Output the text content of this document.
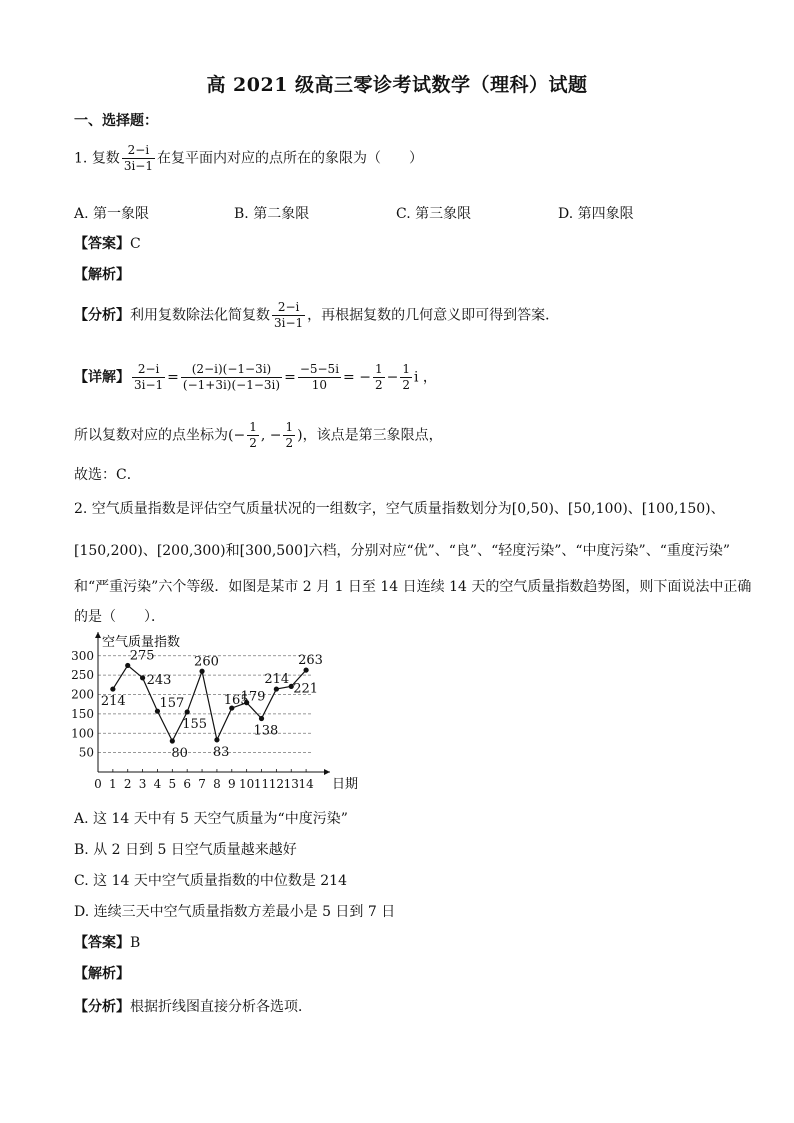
高 2021 级高三零诊考试数学（理科）试题
一、选择题：
1. 复数 $\frac{2-i}{3i-1}$ 在复平面内对应的点所在的象限为（　　）
A. 第一象限	B. 第二象限	C. 第三象限	D. 第四象限
【答案】C
【解析】
【分析】利用复数除法化简复数 $\frac{2-i}{3i-1}$ ，再根据复数的几何意义即可得到答案．
【详解】 $\frac{2-i}{3i-1} = \frac{(2-i)(-1-3i)}{(-1+3i)(-1-3i)} = \frac{-5-5i}{10}$ = − $\frac{1}{2} - \frac{1}{2}$ i ，
所以复数对应的点坐标为(− $\frac{1}{2}$ , − $\frac{1}{2}$ )，该点是第三象限点，
故选：C．
2. 空气质量指数是评估空气质量状况的一组数字，空气质量指数划分为[0,50)、[50,100)、[100,150)、
[150,200)、[200,300)和[300,500]六档，分别对应“优”、“良”、“轻度污染”、“中度污染”、“重度污染”
和“严重污染”六个等级．如图是某市 2 月 1 日至 14 日连续 14 天的空气质量指数趋势图，则下面说法中正确
的是（　　）．
50
100
150
200
250
300
0 1 2 3 4 5 6 7 8 9 10 11 12 13 14
214
275
243
157
80
155
260
83
165
179
138
214
221
263
空气质量指数
日期
A. 这 14 天中有 5 天空气质量为“中度污染”
B. 从 2 日到 5 日空气质量越来越好
C. 这 14 天中空气质量指数的中位数是 214
D. 连续三天中空气质量指数方差最小是 5 日到 7 日
【答案】B
【解析】
【分析】根据折线图直接分析各选项．
